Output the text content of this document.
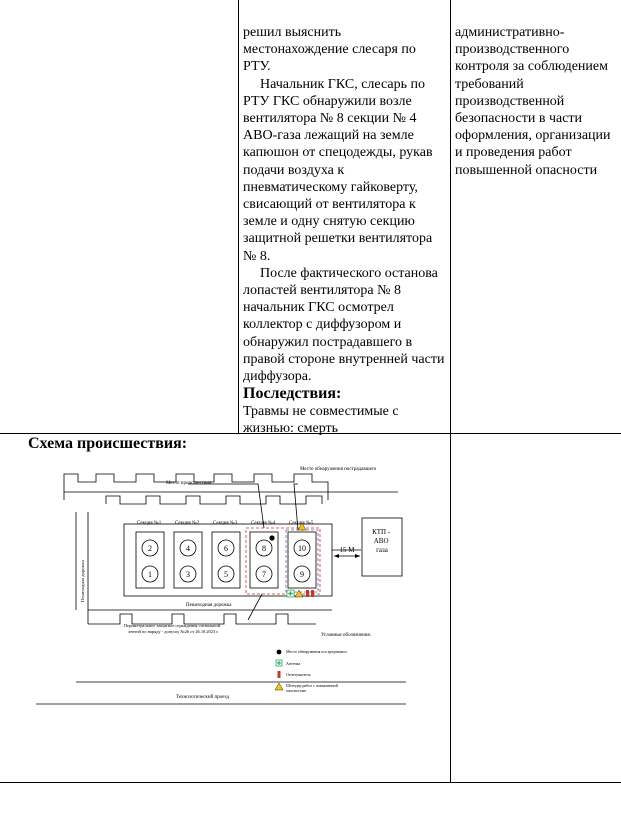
решил выяснить местонахождение слесаря по РТУ.

Начальник ГКС, слесарь по РТУ ГКС обнаружили возле вентилятора № 8 секции № 4 АВО-газа лежащий на земле капюшон от спецодежды, рукав подачи воздуха к пневматическому гайковерту, свисающий от вентилятора к земле и одну снятую секцию защитной решетки вентилятора № 8.

После фактического останова лопастей вентилятора № 8 начальник ГКС осмотрел коллектор с диффузором и обнаружил пострадавшего в правой стороне внутренней части диффузора.

Последствия:

Травмы не совместимые с жизнью: смерть

административно-производственного контроля за соблюдением требований производственной безопасности в части оформления, организации и проведения работ повышенной опасности

Схема происшествия:
Место происшествия
Место обнаружения пострадавшего
Секция №1	Секция №2	Секция №3	Секция №4	Секция №5
1
2
3
4
5
6
7
8
9
10	15 М
КТП - АВО газа
Пешеходная дорожка
Пешеходная дорожка
Периметральное защитное ограждения сигнальной
лентой по наряду - допуску №26 от 26.10.2023 г.
Условные обозначения:
Место обнаружения пострадавшего
Аптечка
Огнетушитель
Штендер работ с повышенной
опасностью
Технологический проезд
